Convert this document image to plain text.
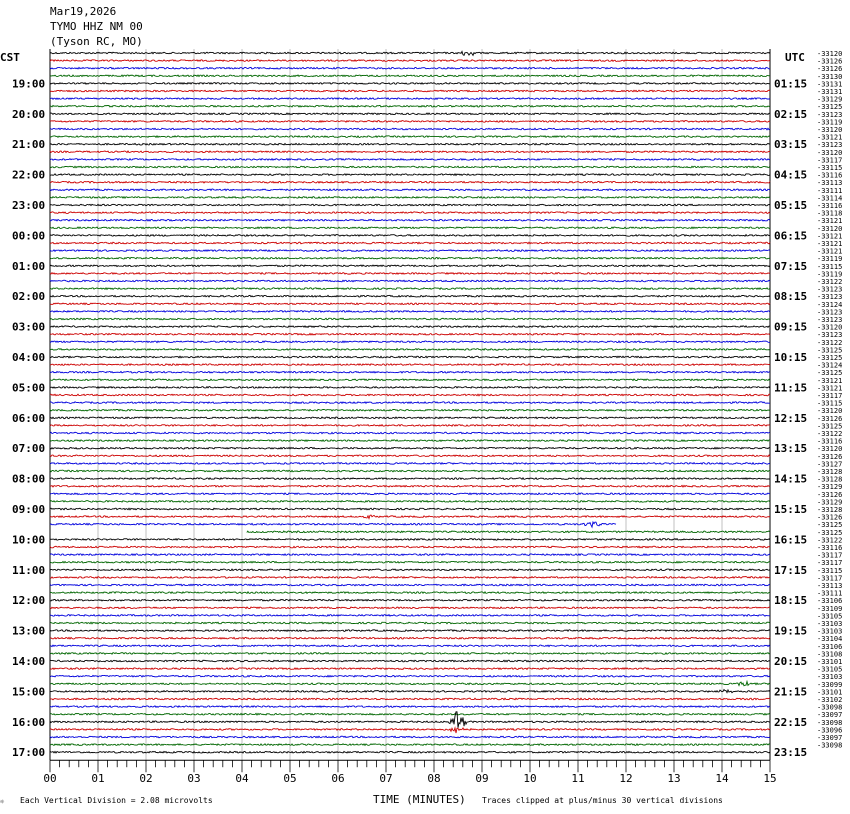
Mar19,2026
TYMO HHZ NM 00
(Tyson RC, MO)
CST	UTC
19:00
20:00
21:00
22:00
23:00
00:00
01:00
02:00
03:00
04:00
05:00
06:00
07:00
08:00
09:00
10:00
11:00
12:00
13:00
14:00
15:00
16:00
17:00
01:15
02:15
03:15
04:15
05:15
06:15
07:15
08:15
09:15
10:15
11:15
12:15
13:15
14:15
15:15
16:15
17:15
18:15
19:15
20:15
21:15
22:15
23:15
-33120
-33126
-33126
-33130
-33131
-33131
-33129
-33125
-33123
-33119
-33120
-33121
-33123
-33120
-33117
-33115
-33116
-33113
-33111
-33114
-33116
-33118
-33121
-33120
-33121
-33121
-33121
-33119
-33115
-33119
-33122
-33123
-33123
-33124
-33123
-33123
-33120
-33123
-33122
-33125
-33125
-33124
-33125
-33121
-33121
-33117
-33115
-33120
-33126
-33125
-33122
-33116
-33120
-33126
-33127
-33128
-33128
-33129
-33126
-33129
-33128
-33126
-33125
-33125
-33122
-33116
-33117
-33117
-33115
-33117
-33113
-33111
-33106
-33109
-33105
-33103
-33103
-33104
-33106
-33108
-33101
-33105
-33103
-33099
-33101
-33102
-33098
-33097
-33098
-33096
-33097
-33098
00	01	02	03	04	05	06	07	08	09	10	11	12	13	14	15
☼ Each Vertical Division = 2.08 microvolts	TIME (MINUTES) Traces clipped at plus/minus 30 vertical divisions
